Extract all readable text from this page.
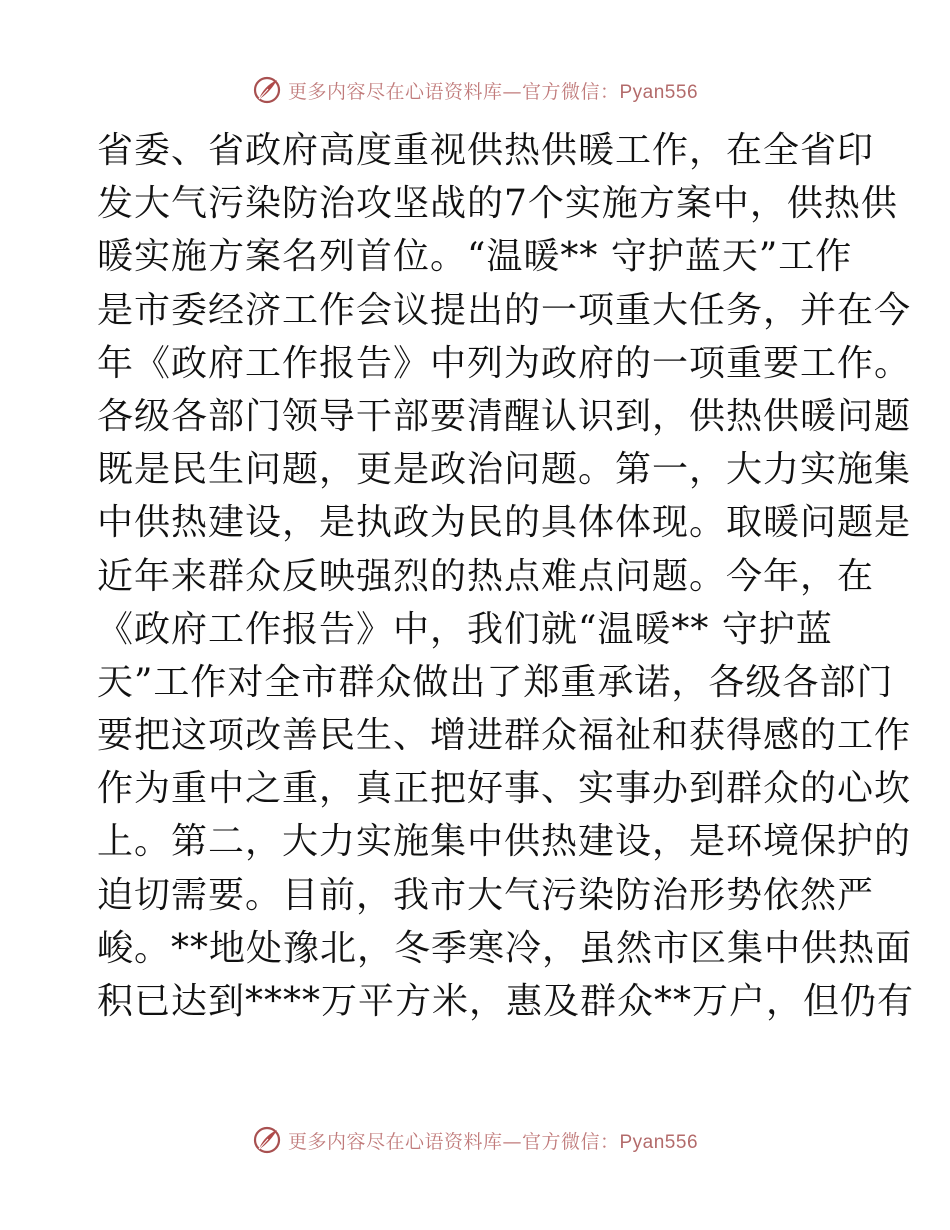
更多内容尽在心语资料库—官方微信：Pyan556
省委、省政府高度重视供热供暖工作，在全省印
发大气污染防治攻坚战的7个实施方案中，供热供
暖实施方案名列首位。“温暖** 守护蓝天”工作
是市委经济工作会议提出的一项重大任务，并在今
年《政府工作报告》中列为政府的一项重要工作。
各级各部门领导干部要清醒认识到，供热供暖问题
既是民生问题，更是政治问题。第一，大力实施集
中供热建设，是执政为民的具体体现。取暖问题是
近年来群众反映强烈的热点难点问题。今年，在
《政府工作报告》中，我们就“温暖** 守护蓝
天”工作对全市群众做出了郑重承诺，各级各部门
要把这项改善民生、增进群众福祉和获得感的工作
作为重中之重，真正把好事、实事办到群众的心坎
上。第二，大力实施集中供热建设，是环境保护的
迫切需要。目前，我市大气污染防治形势依然严
峻。**地处豫北，冬季寒冷，虽然市区集中供热面
积已达到****万平方米，惠及群众**万户，但仍有
更多内容尽在心语资料库—官方微信：Pyan556
